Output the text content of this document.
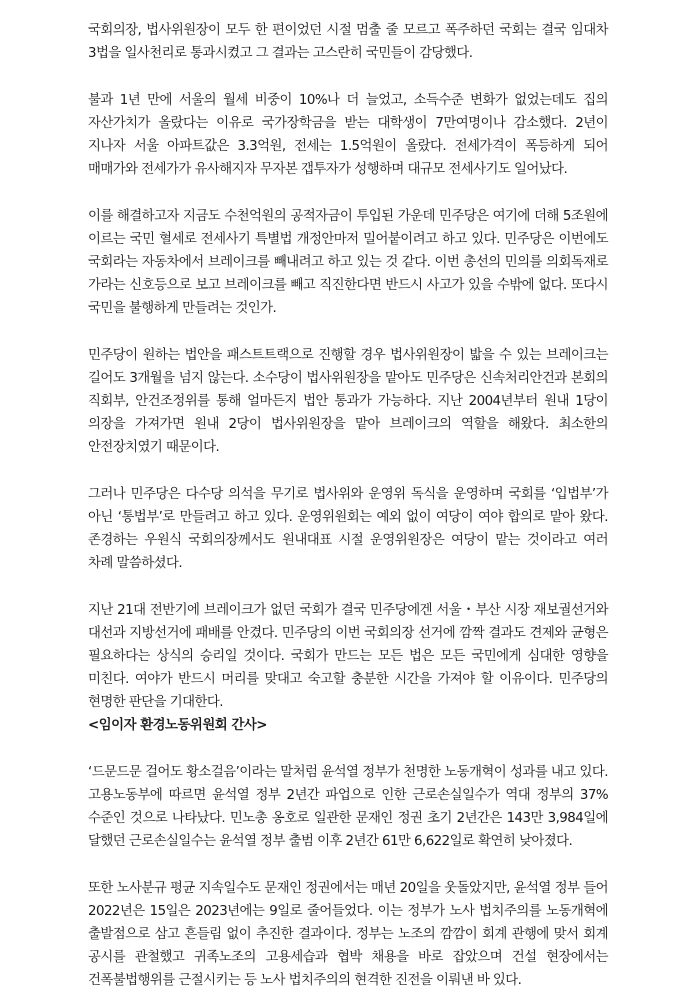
국회의장, 법사위원장이 모두 한 편이었던 시절 멈출 줄 모르고 폭주하던 국회는 결국 임대차 3법을 일사천리로 통과시켰고 그 결과는 고스란히 국민들이 감당했다.

불과 1년 만에 서울의 월세 비중이 10%나 더 늘었고, 소득수준 변화가 없었는데도 집의 자산가치가 올랐다는 이유로 국가장학금을 받는 대학생이 7만여명이나 감소했다. 2년이 지나자 서울 아파트값은 3.3억원, 전세는 1.5억원이 올랐다. 전세가격이 폭등하게 되어 매매가와 전세가가 유사해지자 무자본 갭투자가 성행하며 대규모 전세사기도 일어났다.

이를 해결하고자 지금도 수천억원의 공적자금이 투입된 가운데 민주당은 여기에 더해 5조원에 이르는 국민 혈세로 전세사기 특별법 개정안마저 밀어붙이려고 하고 있다. 민주당은 이번에도 국회라는 자동차에서 브레이크를 빼내려고 하고 있는 것 같다. 이번 총선의 민의를 의회독재로 가라는 신호등으로 보고 브레이크를 빼고 직진한다면 반드시 사고가 있을 수밖에 없다. 또다시 국민을 불행하게 만들려는 것인가.

민주당이 원하는 법안을 패스트트랙으로 진행할 경우 법사위원장이 밟을 수 있는 브레이크는 길어도 3개월을 넘지 않는다. 소수당이 법사위원장을 맡아도 민주당은 신속처리안건과 본회의 직회부, 안건조정위를 통해 얼마든지 법안 통과가 가능하다. 지난 2004년부터 원내 1당이 의장을 가져가면 원내 2당이 법사위원장을 맡아 브레이크의 역할을 해왔다. 최소한의 안전장치였기 때문이다.

그러나 민주당은 다수당 의석을 무기로 법사위와 운영위 독식을 운영하며 국회를 ‘입법부’가 아닌 ‘통법부’로 만들려고 하고 있다. 운영위원회는 예외 없이 여당이 여야 합의로 맡아 왔다. 존경하는 우원식 국회의장께서도 원내대표 시절 운영위원장은 여당이 맡는 것이라고 여러 차례 말씀하셨다.

지난 21대 전반기에 브레이크가 없던 국회가 결국 민주당에겐 서울・부산 시장 재보궐선거와 대선과 지방선거에 패배를 안겼다. 민주당의 이번 국회의장 선거에 깜짝 결과도 견제와 균형은 필요하다는 상식의 승리일 것이다. 국회가 만드는 모든 법은 모든 국민에게 심대한 영향을 미친다. 여야가 반드시 머리를 맞대고 숙고할 충분한 시간을 가져야 할 이유이다. 민주당의 현명한 판단을 기대한다.

<임이자 환경노동위원회 간사>

‘드문드문 걸어도 황소걸음’이라는 말처럼 윤석열 정부가 천명한 노동개혁이 성과를 내고 있다. 고용노동부에 따르면 윤석열 정부 2년간 파업으로 인한 근로손실일수가 역대 정부의 37% 수준인 것으로 나타났다. 민노총 옹호로 일관한 문재인 정권 초기 2년간은 143만 3,984일에 달했던 근로손실일수는 윤석열 정부 출범 이후 2년간 61만 6,622일로 확연히 낮아졌다.

또한 노사분규 평균 지속일수도 문재인 정권에서는 매년 20일을 웃돌았지만, 윤석열 정부 들어 2022년은 15일은 2023년에는 9일로 줄어들었다. 이는 정부가 노사 법치주의를 노동개혁에 출발점으로 삼고 흔들림 없이 추진한 결과이다. 정부는 노조의 깜깜이 회계 관행에 맞서 회계 공시를 관철했고 귀족노조의 고용세습과 협박 채용을 바로 잡았으며 건설 현장에서는 건폭불법행위를 근절시키는 등 노사 법치주의의 현격한 진전을 이뤄낸 바 있다.
